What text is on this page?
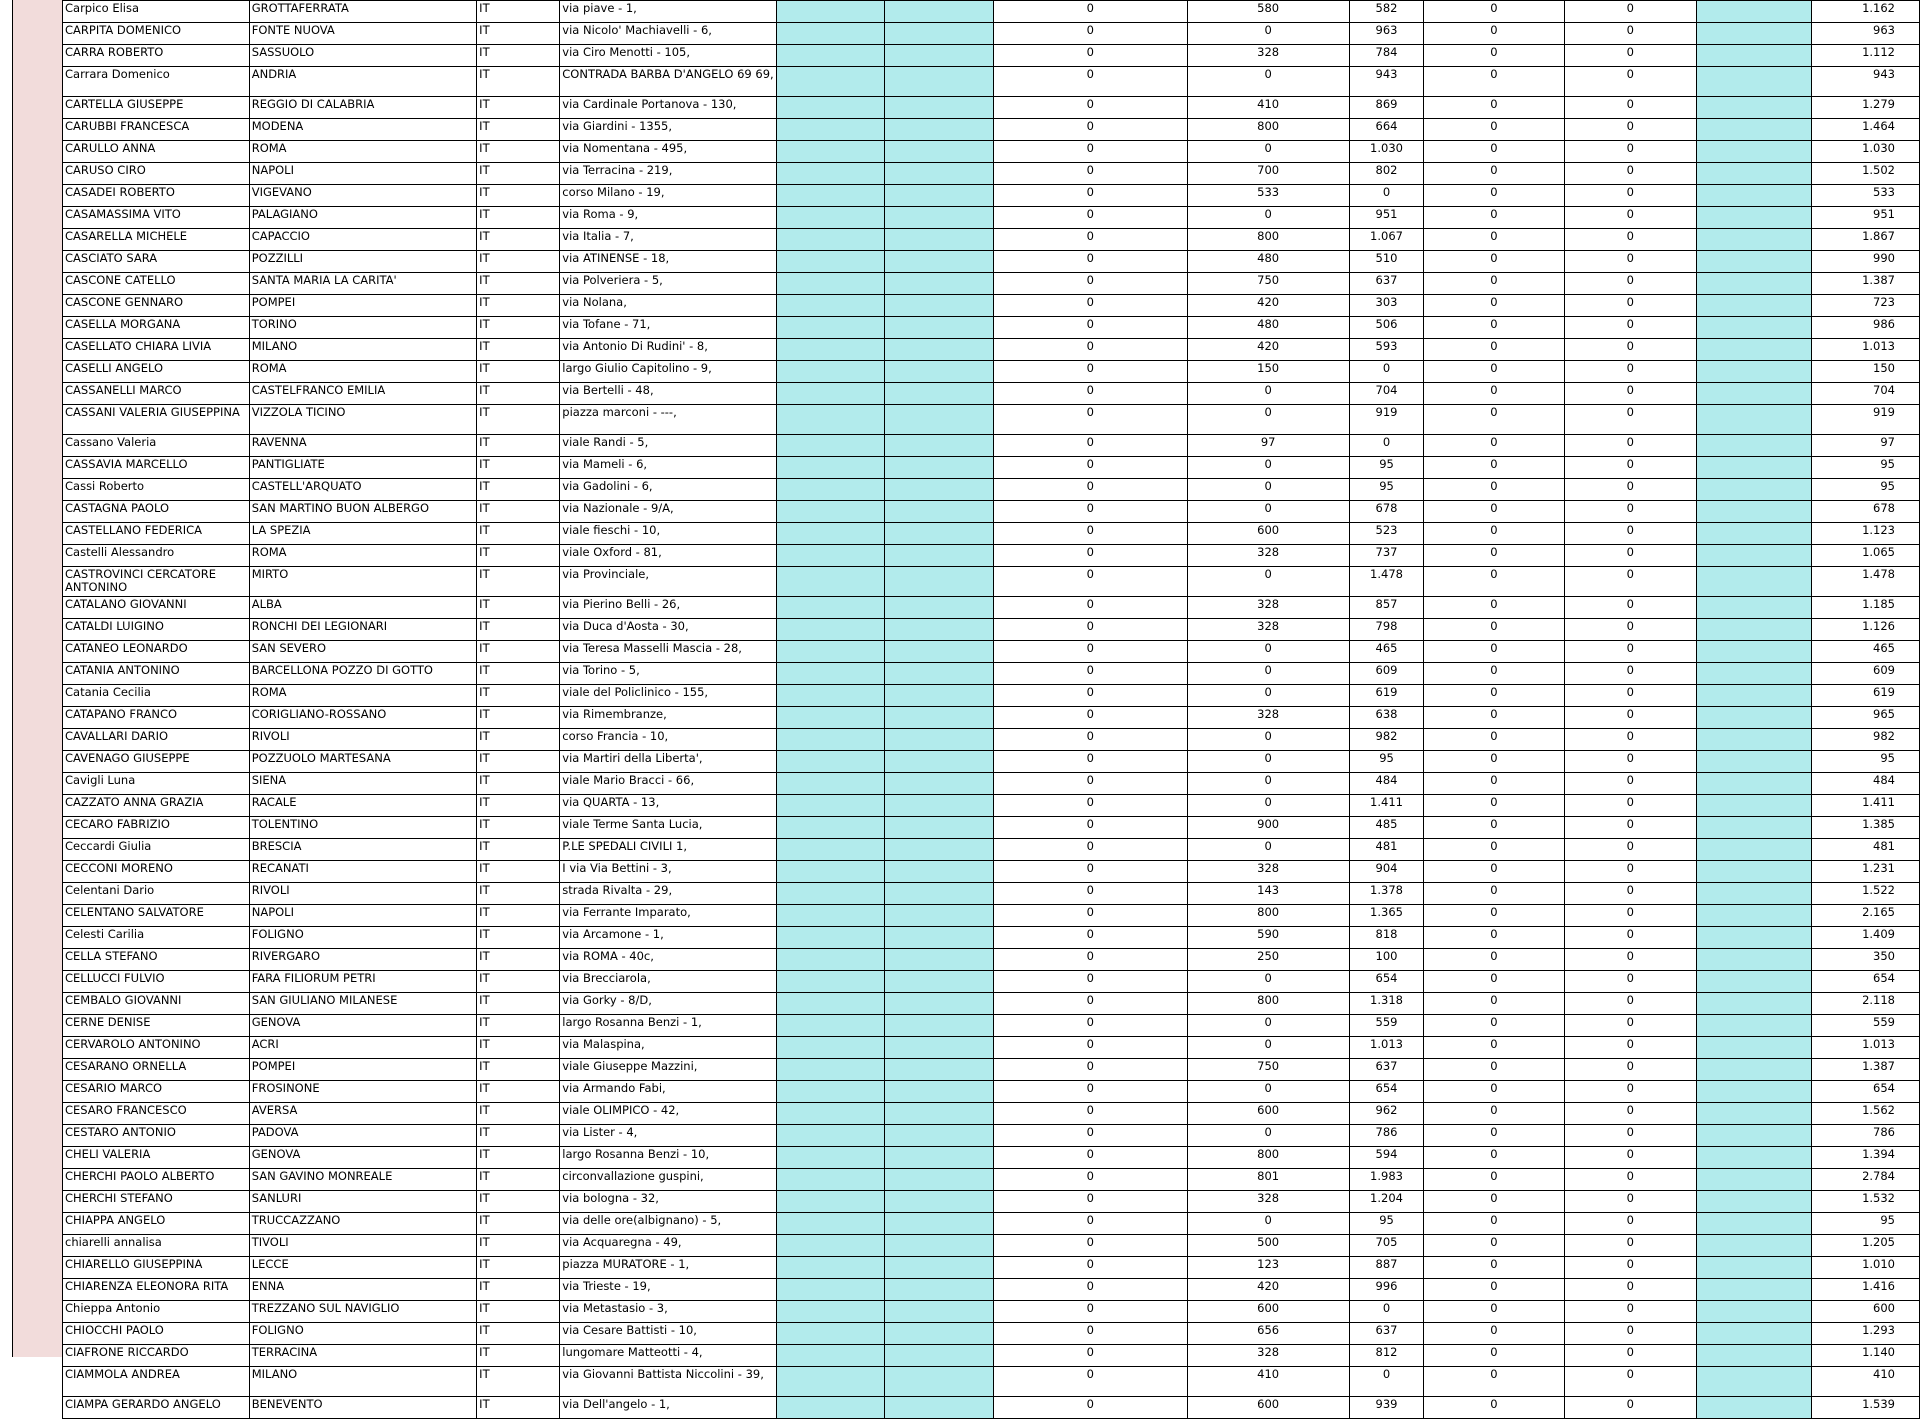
Carpico Elisa	GROTTAFERRATA	IT	via piave - 1,			0	580	582	0	0		1.162
CARPITA DOMENICO	FONTE NUOVA	IT	via Nicolo' Machiavelli - 6,			0	0	963	0	0		963
CARRA ROBERTO	SASSUOLO	IT	via Ciro Menotti - 105,			0	328	784	0	0		1.112
Carrara Domenico	ANDRIA	IT	CONTRADA BARBA D'ANGELO 69 69,			0	0	943	0	0		943
CARTELLA GIUSEPPE	REGGIO DI CALABRIA	IT	via Cardinale Portanova - 130,			0	410	869	0	0		1.279
CARUBBI FRANCESCA	MODENA	IT	via Giardini - 1355,			0	800	664	0	0		1.464
CARULLO ANNA	ROMA	IT	via Nomentana - 495,			0	0	1.030	0	0		1.030
CARUSO CIRO	NAPOLI	IT	via Terracina - 219,			0	700	802	0	0		1.502
CASADEI ROBERTO	VIGEVANO	IT	corso Milano - 19,			0	533	0	0	0		533
CASAMASSIMA VITO	PALAGIANO	IT	via Roma - 9,			0	0	951	0	0		951
CASARELLA MICHELE	CAPACCIO	IT	via Italia - 7,			0	800	1.067	0	0		1.867
CASCIATO SARA	POZZILLI	IT	via ATINENSE - 18,			0	480	510	0	0		990
CASCONE CATELLO	SANTA MARIA LA CARITA'	IT	via Polveriera - 5,			0	750	637	0	0		1.387
CASCONE GENNARO	POMPEI	IT	via Nolana,			0	420	303	0	0		723
CASELLA MORGANA	TORINO	IT	via Tofane - 71,			0	480	506	0	0		986
CASELLATO CHIARA LIVIA	MILANO	IT	via Antonio Di Rudini' - 8,			0	420	593	0	0		1.013
CASELLI ANGELO	ROMA	IT	largo Giulio Capitolino - 9,			0	150	0	0	0		150
CASSANELLI MARCO	CASTELFRANCO EMILIA	IT	via Bertelli - 48,			0	0	704	0	0		704
CASSANI VALERIA GIUSEPPINA	VIZZOLA TICINO	IT	piazza marconi - ---,			0	0	919	0	0		919
Cassano Valeria	RAVENNA	IT	viale Randi - 5,			0	97	0	0	0		97
CASSAVIA MARCELLO	PANTIGLIATE	IT	via Mameli - 6,			0	0	95	0	0		95
Cassi Roberto	CASTELL'ARQUATO	IT	via Gadolini - 6,			0	0	95	0	0		95
CASTAGNA PAOLO	SAN MARTINO BUON ALBERGO	IT	via Nazionale - 9/A,			0	0	678	0	0		678
CASTELLANO FEDERICA	LA SPEZIA	IT	viale fieschi - 10,			0	600	523	0	0		1.123
Castelli Alessandro	ROMA	IT	viale Oxford - 81,			0	328	737	0	0		1.065
CASTROVINCI CERCATORE ANTONINO	MIRTO	IT	via Provinciale,			0	0	1.478	0	0		1.478
CATALANO GIOVANNI	ALBA	IT	via Pierino Belli - 26,			0	328	857	0	0		1.185
CATALDI LUIGINO	RONCHI DEI LEGIONARI	IT	via Duca d'Aosta - 30,			0	328	798	0	0		1.126
CATANEO LEONARDO	SAN SEVERO	IT	via Teresa Masselli Mascia - 28,			0	0	465	0	0		465
CATANIA ANTONINO	BARCELLONA POZZO DI GOTTO	IT	via Torino - 5,			0	0	609	0	0		609
Catania Cecilia	ROMA	IT	viale del Policlinico - 155,			0	0	619	0	0		619
CATAPANO FRANCO	CORIGLIANO-ROSSANO	IT	via Rimembranze,			0	328	638	0	0		965
CAVALLARI DARIO	RIVOLI	IT	corso Francia - 10,			0	0	982	0	0		982
CAVENAGO GIUSEPPE	POZZUOLO MARTESANA	IT	via Martiri della Liberta',			0	0	95	0	0		95
Cavigli Luna	SIENA	IT	viale Mario Bracci - 66,			0	0	484	0	0		484
CAZZATO ANNA GRAZIA	RACALE	IT	via QUARTA - 13,			0	0	1.411	0	0		1.411
CECARO FABRIZIO	TOLENTINO	IT	viale Terme Santa Lucia,			0	900	485	0	0		1.385
Ceccardi Giulia	BRESCIA	IT	P.LE SPEDALI CIVILI 1,			0	0	481	0	0		481
CECCONI MORENO	RECANATI	IT	I via Via Bettini - 3,			0	328	904	0	0		1.231
Celentani Dario	RIVOLI	IT	strada Rivalta - 29,			0	143	1.378	0	0		1.522
CELENTANO SALVATORE	NAPOLI	IT	via Ferrante Imparato,			0	800	1.365	0	0		2.165
Celesti Carilia	FOLIGNO	IT	via Arcamone - 1,			0	590	818	0	0		1.409
CELLA STEFANO	RIVERGARO	IT	via ROMA - 40c,			0	250	100	0	0		350
CELLUCCI FULVIO	FARA FILIORUM PETRI	IT	via Brecciarola,			0	0	654	0	0		654
CEMBALO GIOVANNI	SAN GIULIANO MILANESE	IT	via Gorky - 8/D,			0	800	1.318	0	0		2.118
CERNE DENISE	GENOVA	IT	largo Rosanna Benzi - 1,			0	0	559	0	0		559
CERVAROLO ANTONINO	ACRI	IT	via Malaspina,			0	0	1.013	0	0		1.013
CESARANO ORNELLA	POMPEI	IT	viale Giuseppe Mazzini,			0	750	637	0	0		1.387
CESARIO MARCO	FROSINONE	IT	via Armando Fabi,			0	0	654	0	0		654
CESARO FRANCESCO	AVERSA	IT	viale OLIMPICO - 42,			0	600	962	0	0		1.562
CESTARO ANTONIO	PADOVA	IT	via Lister - 4,			0	0	786	0	0		786
CHELI VALERIA	GENOVA	IT	largo Rosanna Benzi - 10,			0	800	594	0	0		1.394
CHERCHI PAOLO ALBERTO	SAN GAVINO MONREALE	IT	circonvallazione guspini,			0	801	1.983	0	0		2.784
CHERCHI STEFANO	SANLURI	IT	via bologna - 32,			0	328	1.204	0	0		1.532
CHIAPPA ANGELO	TRUCCAZZANO	IT	via delle ore(albignano) - 5,			0	0	95	0	0		95
chiarelli annalisa	TIVOLI	IT	via Acquaregna - 49,			0	500	705	0	0		1.205
CHIARELLO GIUSEPPINA	LECCE	IT	piazza MURATORE - 1,			0	123	887	0	0		1.010
CHIARENZA ELEONORA RITA	ENNA	IT	via Trieste - 19,			0	420	996	0	0		1.416
Chieppa Antonio	TREZZANO SUL NAVIGLIO	IT	via Metastasio - 3,			0	600	0	0	0		600
CHIOCCHI PAOLO	FOLIGNO	IT	via Cesare Battisti - 10,			0	656	637	0	0		1.293
CIAFRONE RICCARDO	TERRACINA	IT	lungomare Matteotti - 4,			0	328	812	0	0		1.140
CIAMMOLA ANDREA	MILANO	IT	via Giovanni Battista Niccolini - 39,			0	410	0	0	0		410
CIAMPA GERARDO ANGELO	BENEVENTO	IT	via Dell'angelo - 1,			0	600	939	0	0		1.539
